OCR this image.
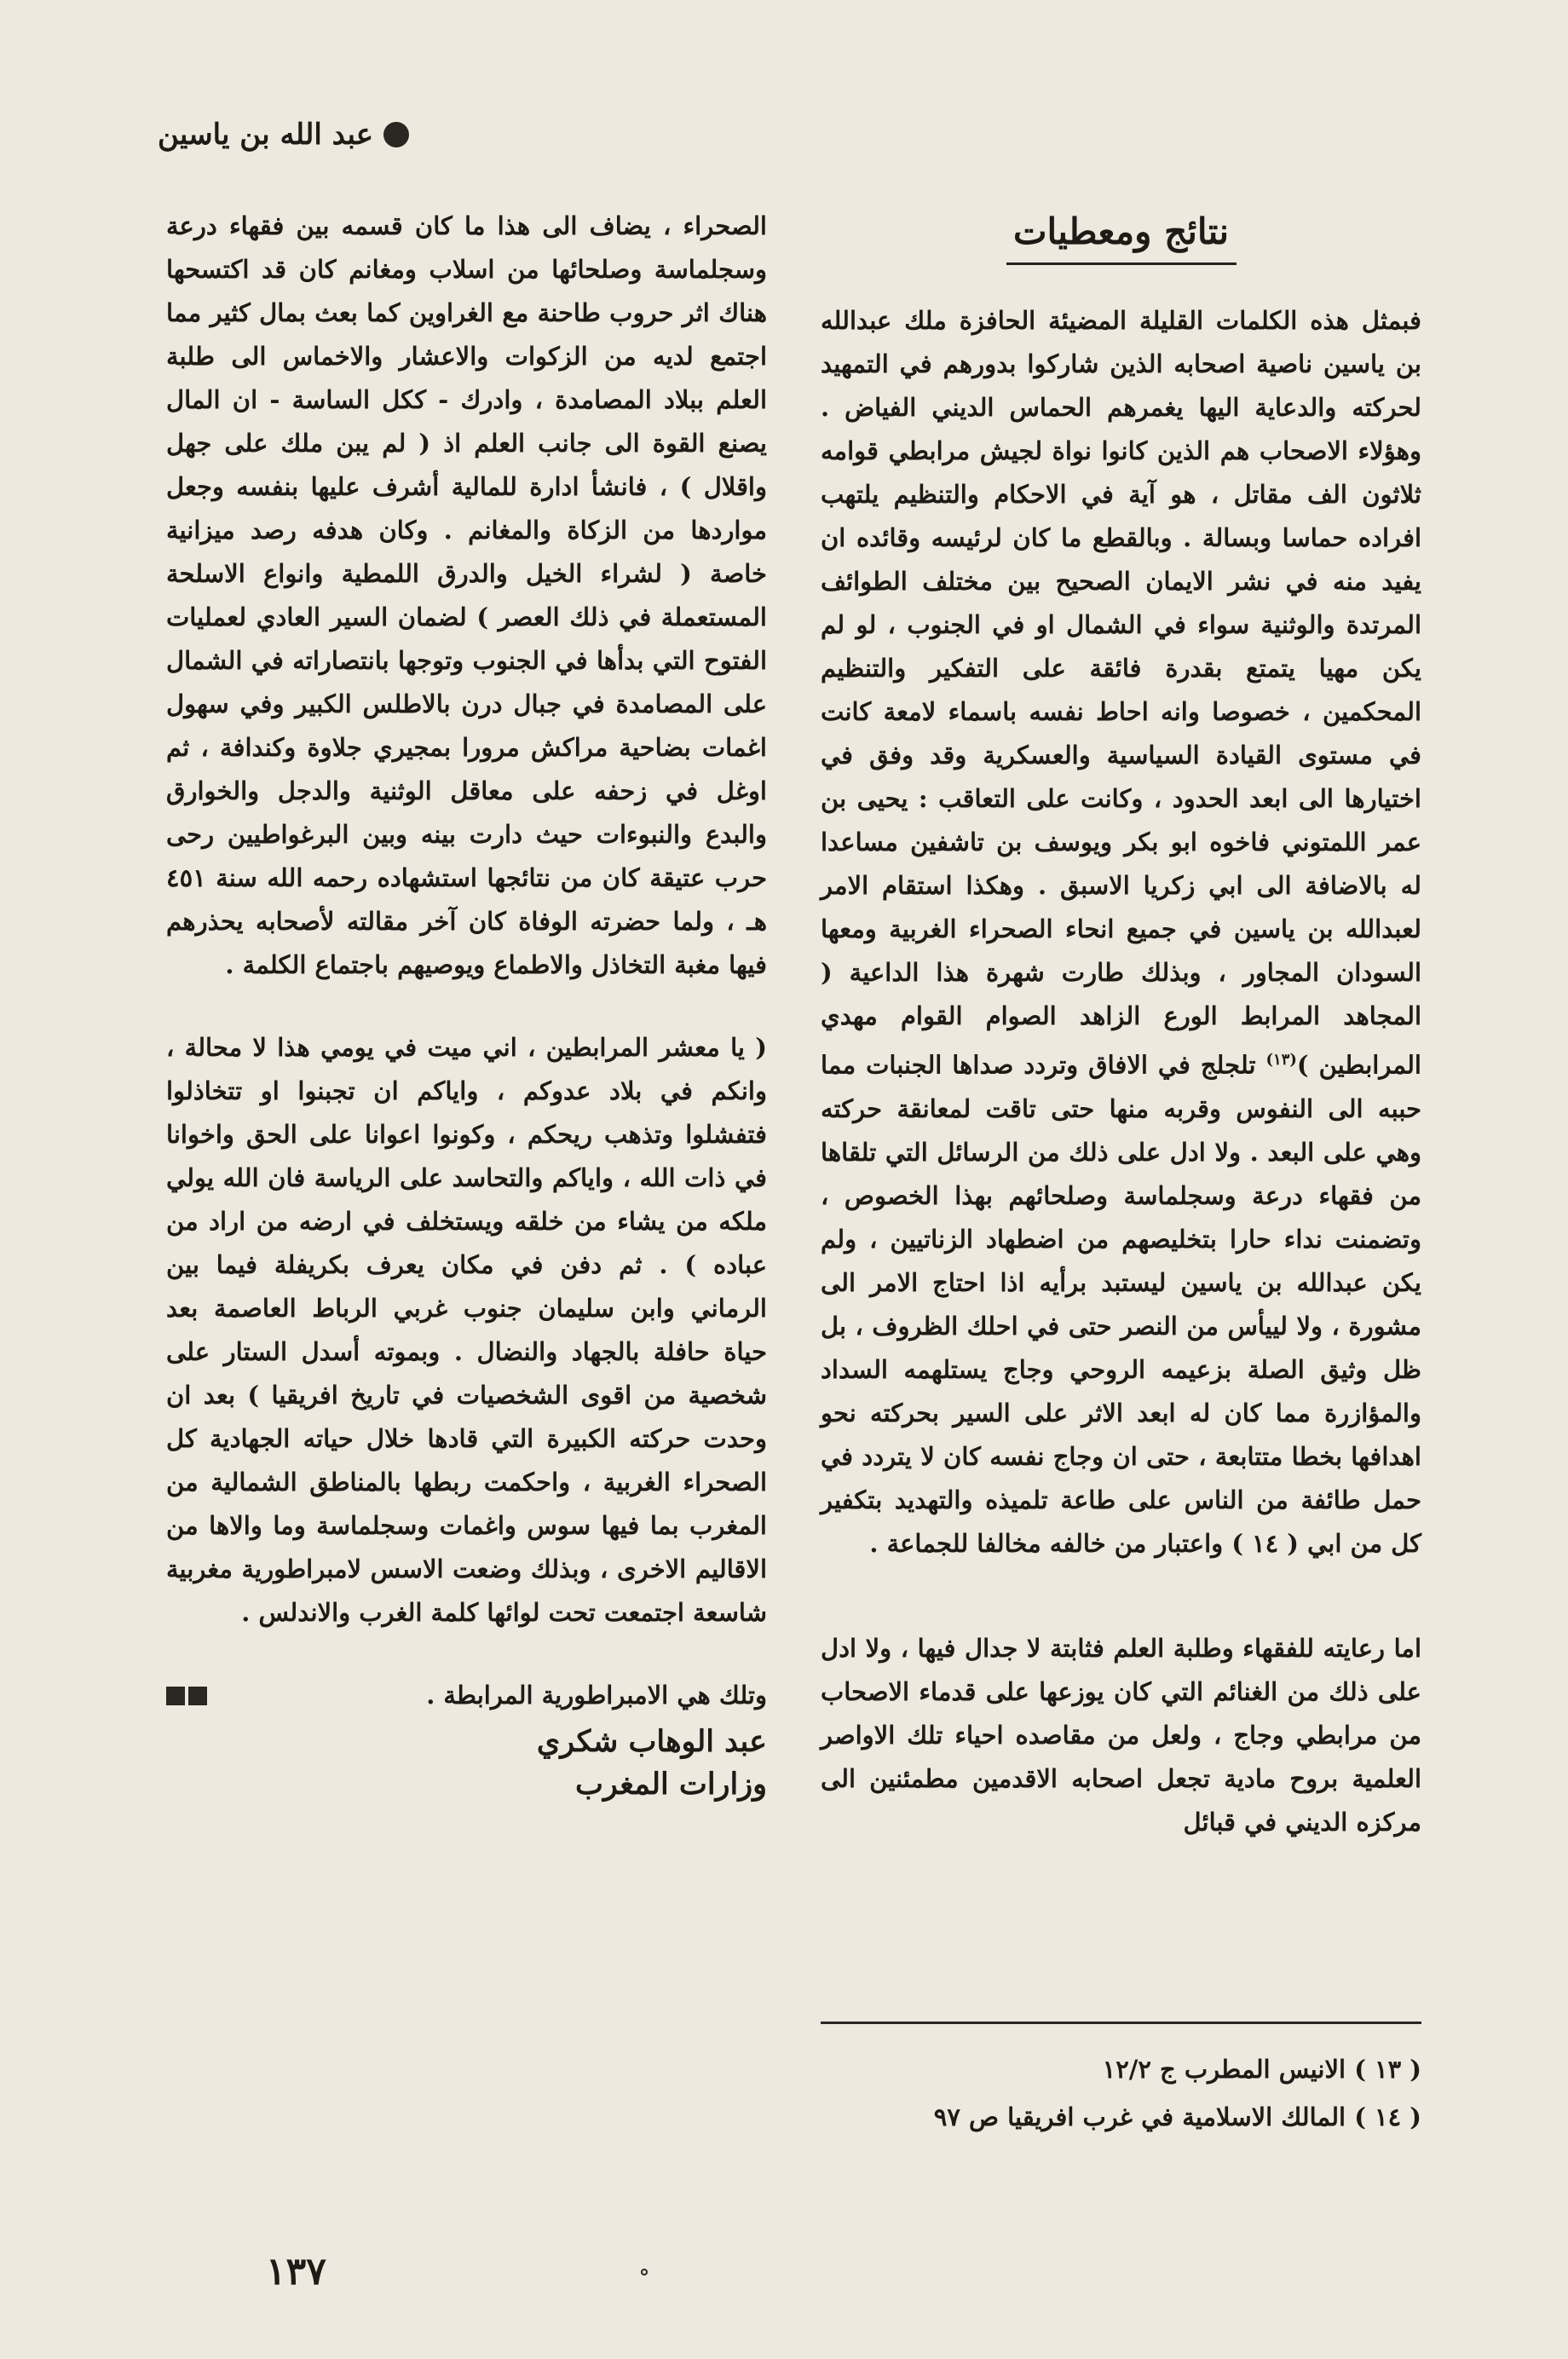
عبد الله بن ياسين
نتائج ومعطيات

فبمثل هذه الكلمات القليلة المضيئة الحافزة ملك عبدالله بن ياسين ناصية اصحابه الذين شاركوا بدورهم في التمهيد لحركته والدعاية اليها يغمرهم الحماس الديني الفياض . وهؤلاء الاصحاب هم الذين كانوا نواة لجيش مرابطي قوامه ثلاثون الف مقاتل ، هو آية في الاحكام والتنظيم يلتهب افراده حماسا وبسالة . وبالقطع ما كان لرئيسه وقائده ان يفيد منه في نشر الايمان الصحيح بين مختلف الطوائف المرتدة والوثنية سواء في الشمال او في الجنوب ، لو لم يكن مهيا يتمتع بقدرة فائقة على التفكير والتنظيم المحكمين ، خصوصا وانه احاط نفسه باسماء لامعة كانت في مستوى القيادة السياسية والعسكرية وقد وفق في اختيارها الى ابعد الحدود ، وكانت على التعاقب : يحيى بن عمر اللمتوني فاخوه ابو بكر ويوسف بن تاشفين مساعدا له بالاضافة الى ابي زكريا الاسبق . وهكذا استقام الامر لعبدالله بن ياسين في جميع انحاء الصحراء الغربية ومعها السودان المجاور ، وبذلك طارت شهرة هذا الداعية ( المجاهد المرابط الورع الزاهد الصوام القوام مهدي المرابطين )$^{(١٣)}$ تلجلج في الافاق وتردد صداها الجنبات مما حببه الى النفوس وقربه منها حتى تاقت لمعانقة حركته وهي على البعد . ولا ادل على ذلك من الرسائل التي تلقاها من فقهاء درعة وسجلماسة وصلحائهم بهذا الخصوص ، وتضمنت نداء حارا بتخليصهم من اضطهاد الزناتيين ، ولم يكن عبدالله بن ياسين ليستبد برأيه اذا احتاج الامر الى مشورة ، ولا لييأس من النصر حتى في احلك الظروف ، بل ظل وثيق الصلة بزعيمه الروحي وجاج يستلهمه السداد والمؤازرة مما كان له ابعد الاثر على السير بحركته نحو اهدافها بخطا متتابعة ، حتى ان وجاج نفسه كان لا يتردد في حمل طائفة من الناس على طاعة تلميذه والتهديد بتكفير كل من ابي ( ١٤ ) واعتبار من خالفه مخالفا للجماعة .

اما رعايته للفقهاء وطلبة العلم فثابتة لا جدال فيها ، ولا ادل على ذلك من الغنائم التي كان يوزعها على قدماء الاصحاب من مرابطي وجاج ، ولعل من مقاصده احياء تلك الاواصر العلمية بروح مادية تجعل اصحابه الاقدمين مطمئنين الى مركزه الديني في قبائل

الصحراء ، يضاف الى هذا ما كان قسمه بين فقهاء درعة وسجلماسة وصلحائها من اسلاب ومغانم كان قد اكتسحها هناك اثر حروب طاحنة مع الغراوين كما بعث بمال كثير مما اجتمع لديه من الزكوات والاعشار والاخماس الى طلبة العلم ببلاد المصامدة ، وادرك - ككل الساسة - ان المال يصنع القوة الى جانب العلم اذ ( لم يبن ملك على جهل واقلال ) ، فانشأ ادارة للمالية أشرف عليها بنفسه وجعل مواردها من الزكاة والمغانم . وكان هدفه رصد ميزانية خاصة ( لشراء الخيل والدرق اللمطية وانواع الاسلحة المستعملة في ذلك العصر ) لضمان السير العادي لعمليات الفتوح التي بدأها في الجنوب وتوجها بانتصاراته في الشمال على المصامدة في جبال درن بالاطلس الكبير وفي سهول اغمات بضاحية مراكش مرورا بمجيري جلاوة وكندافة ، ثم اوغل في زحفه على معاقل الوثنية والدجل والخوارق والبدع والنبوءات حيث دارت بينه وبين البرغواطيين رحى حرب عتيقة كان من نتائجها استشهاده رحمه الله سنة ٤٥١ هـ ، ولما حضرته الوفاة كان آخر مقالته لأصحابه يحذرهم فيها مغبة التخاذل والاطماع ويوصيهم باجتماع الكلمة .

( يا معشر المرابطين ، اني ميت في يومي هذا لا محالة ، وانكم في بلاد عدوكم ، واياكم ان تجبنوا او تتخاذلوا فتفشلوا وتذهب ريحكم ، وكونوا اعوانا على الحق واخوانا في ذات الله ، واياكم والتحاسد على الرياسة فان الله يولي ملكه من يشاء من خلقه ويستخلف في ارضه من اراد من عباده ) . ثم دفن في مكان يعرف بكريفلة فيما بين الرماني وابن سليمان جنوب غربي الرباط العاصمة بعد حياة حافلة بالجهاد والنضال . وبموته أسدل الستار على شخصية من اقوى الشخصيات في تاريخ افريقيا ) بعد ان وحدت حركته الكبيرة التي قادها خلال حياته الجهادية كل الصحراء الغربية ، واحكمت ربطها بالمناطق الشمالية من المغرب بما فيها سوس واغمات وسجلماسة وما والاها من الاقاليم الاخرى ، وبذلك وضعت الاسس لامبراطورية مغربية شاسعة اجتمعت تحت لوائها كلمة الغرب والاندلس .

وتلك هي الامبراطورية المرابطة .
عبد الوهاب شكري
وزارات المغرب
( ١٣ ) الانيس المطرب ج ١٢/٢
( ١٤ ) المالك الاسلامية في غرب افريقيا ص ٩٧
١٣٧
